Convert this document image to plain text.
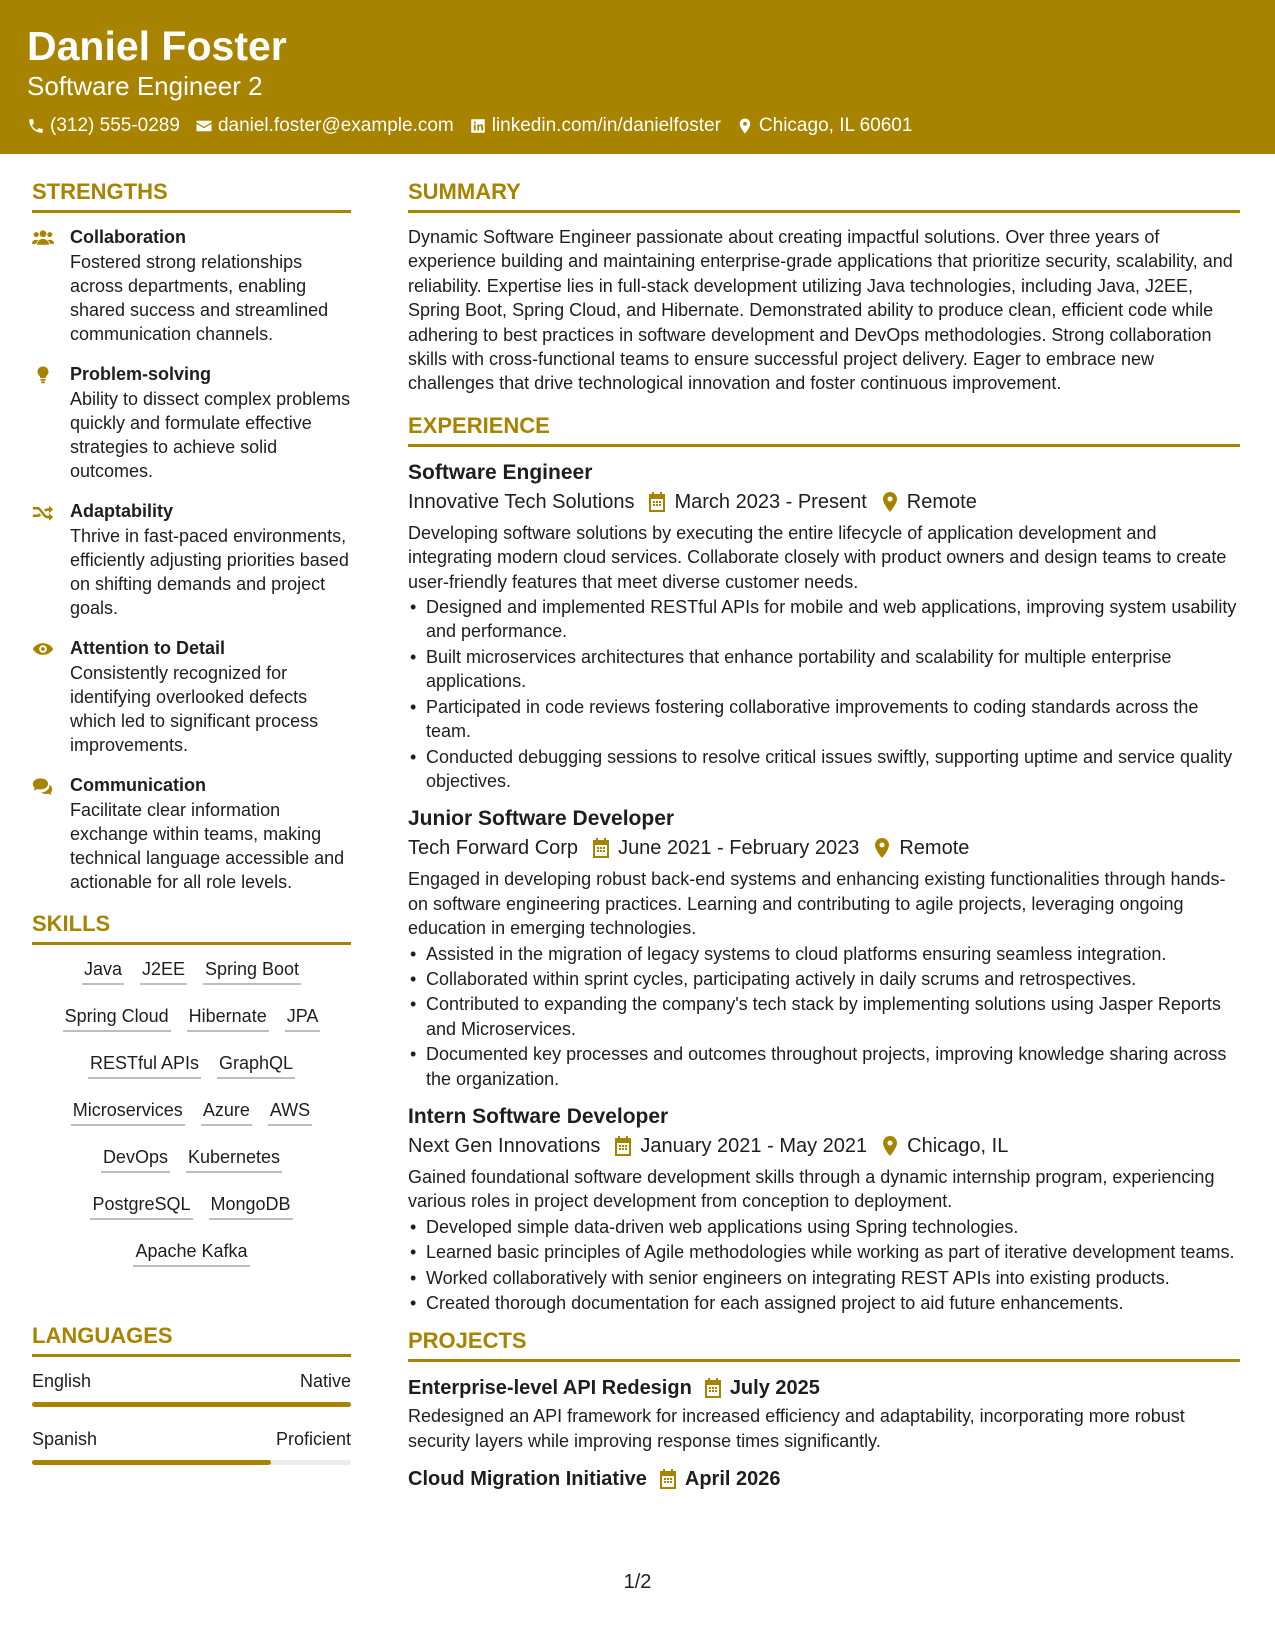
Daniel Foster
Software Engineer 2
(312) 555-0289 daniel.foster@example.com linkedin.com/in/danielfoster Chicago, IL 60601
STRENGTHS
Collaboration
Fostered strong relationships across departments, enabling shared success and streamlined communication channels.
Problem-solving
Ability to dissect complex problems quickly and formulate effective strategies to achieve solid outcomes.
Adaptability
Thrive in fast-paced environments, efficiently adjusting priorities based on shifting demands and project goals.
Attention to Detail
Consistently recognized for identifying overlooked defects which led to significant process improvements.
Communication
Facilitate clear information exchange within teams, making technical language accessible and actionable for all role levels.
SKILLS
Java J2EE Spring Boot
Spring Cloud Hibernate JPA
RESTful APIs GraphQL
Microservices Azure AWS
DevOps Kubernetes
PostgreSQL MongoDB
Apache Kafka
LANGUAGES
English	Native
Spanish	Proficient
SUMMARY
Dynamic Software Engineer passionate about creating impactful solutions. Over three years of experience building and maintaining enterprise-grade applications that prioritize security, scalability, and reliability. Expertise lies in full-stack development utilizing Java technologies, including Java, J2EE, Spring Boot, Spring Cloud, and Hibernate. Demonstrated ability to produce clean, efficient code while adhering to best practices in software development and DevOps methodologies. Strong collaboration skills with cross-functional teams to ensure successful project delivery. Eager to embrace new challenges that drive technological innovation and foster continuous improvement.
EXPERIENCE
Software Engineer
Innovative Tech Solutions March 2023 - Present Remote
Developing software solutions by executing the entire lifecycle of application development and integrating modern cloud services. Collaborate closely with product owners and design teams to create user-friendly features that meet diverse customer needs.
• Designed and implemented RESTful APIs for mobile and web applications, improving system usability and performance.
• Built microservices architectures that enhance portability and scalability for multiple enterprise applications.
• Participated in code reviews fostering collaborative improvements to coding standards across the team.
• Conducted debugging sessions to resolve critical issues swiftly, supporting uptime and service quality objectives.
Junior Software Developer
Tech Forward Corp June 2021 - February 2023 Remote
Engaged in developing robust back-end systems and enhancing existing functionalities through hands-on software engineering practices. Learning and contributing to agile projects, leveraging ongoing education in emerging technologies.
• Assisted in the migration of legacy systems to cloud platforms ensuring seamless integration.
• Collaborated within sprint cycles, participating actively in daily scrums and retrospectives.
• Contributed to expanding the company's tech stack by implementing solutions using Jasper Reports and Microservices.
• Documented key processes and outcomes throughout projects, improving knowledge sharing across the organization.
Intern Software Developer
Next Gen Innovations January 2021 - May 2021 Chicago, IL
Gained foundational software development skills through a dynamic internship program, experiencing various roles in project development from conception to deployment.
• Developed simple data-driven web applications using Spring technologies.
• Learned basic principles of Agile methodologies while working as part of iterative development teams.
• Worked collaboratively with senior engineers on integrating REST APIs into existing products.
• Created thorough documentation for each assigned project to aid future enhancements.
PROJECTS
Enterprise-level API Redesign July 2025
Redesigned an API framework for increased efficiency and adaptability, incorporating more robust security layers while improving response times significantly.
Cloud Migration Initiative April 2026
1/2
